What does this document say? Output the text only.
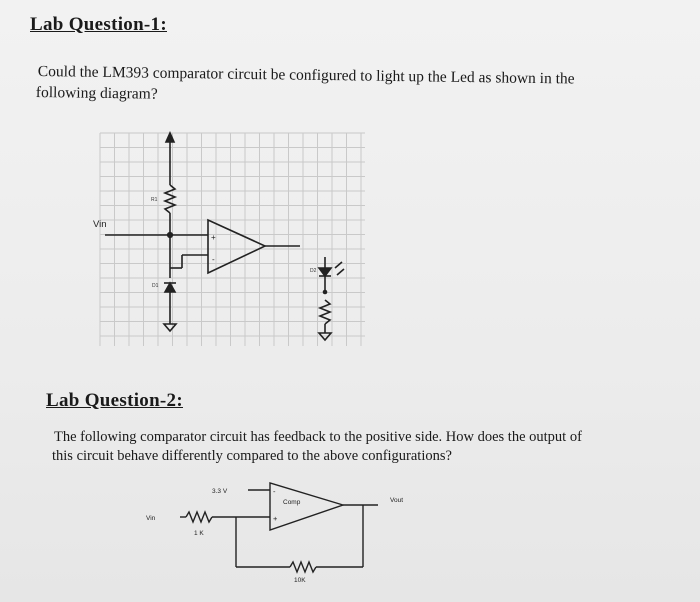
Lab Question-1:
Could the LM393 comparator circuit be configured to light up the Led as shown in the
following diagram?
Vin
R1
D1
D2
+
-
Lab Question-2:
The following comparator circuit has feedback to the positive side. How does the output of
this circuit behave differently compared to the above configurations?
3.3 V
Comp	Vout
Vin
1 K
10K
+
-
